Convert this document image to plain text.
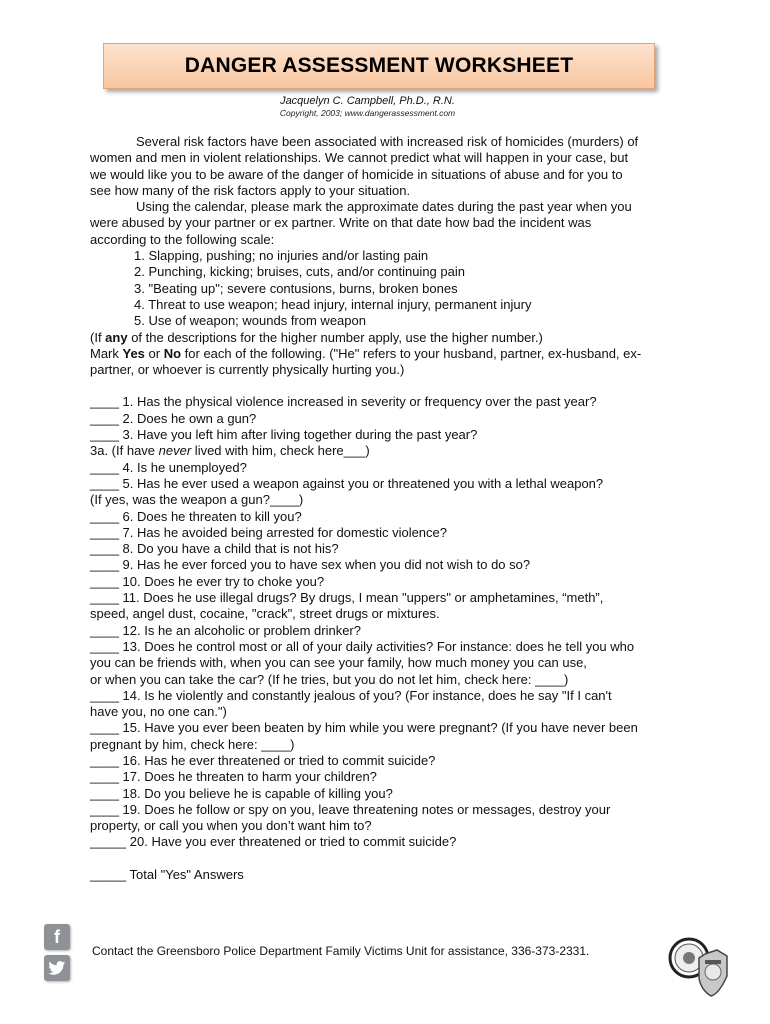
DANGER ASSESSMENT WORKSHEET
Jacquelyn C. Campbell, Ph.D., R.N.
Copyright, 2003; www.dangerassessment.com
Several risk factors have been associated with increased risk of homicides (murders) of
women and men in violent relationships. We cannot predict what will happen in your case, but
we would like you to be aware of the danger of homicide in situations of abuse and for you to
see how many of the risk factors apply to your situation.
Using the calendar, please mark the approximate dates during the past year when you
were abused by your partner or ex partner. Write on that date how bad the incident was
according to the following scale:
1. Slapping, pushing; no injuries and/or lasting pain
2. Punching, kicking; bruises, cuts, and/or continuing pain
3. "Beating up"; severe contusions, burns, broken bones
4. Threat to use weapon; head injury, internal injury, permanent injury
5. Use of weapon; wounds from weapon
(If any of the descriptions for the higher number apply, use the higher number.)
Mark Yes or No for each of the following. ("He" refers to your husband, partner, ex-husband, ex-
partner, or whoever is currently physically hurting you.)
____ 1. Has the physical violence increased in severity or frequency over the past year?
____ 2. Does he own a gun?
____ 3. Have you left him after living together during the past year?
3a. (If have never lived with him, check here___)
____ 4. Is he unemployed?
____ 5. Has he ever used a weapon against you or threatened you with a lethal weapon?
(If yes, was the weapon a gun?____)
____ 6. Does he threaten to kill you?
____ 7. Has he avoided being arrested for domestic violence?
____ 8. Do you have a child that is not his?
____ 9. Has he ever forced you to have sex when you did not wish to do so?
____ 10. Does he ever try to choke you?
____ 11. Does he use illegal drugs? By drugs, I mean "uppers" or amphetamines, “meth”,
speed, angel dust, cocaine, "crack", street drugs or mixtures.
____ 12. Is he an alcoholic or problem drinker?
____ 13. Does he control most or all of your daily activities? For instance: does he tell you who
you can be friends with, when you can see your family, how much money you can use,
or when you can take the car? (If he tries, but you do not let him, check here: ____)
____ 14. Is he violently and constantly jealous of you? (For instance, does he say "If I can't
have you, no one can.")
____ 15. Have you ever been beaten by him while you were pregnant? (If you have never been
pregnant by him, check here: ____)
____ 16. Has he ever threatened or tried to commit suicide?
____ 17. Does he threaten to harm your children?
____ 18. Do you believe he is capable of killing you?
____ 19. Does he follow or spy on you, leave threatening notes or messages, destroy your
property, or call you when you don’t want him to?
_____ 20. Have you ever threatened or tried to commit suicide?
_____ Total "Yes" Answers
f
Contact the Greensboro Police Department Family Victims Unit for assistance, 336-373-2331.
